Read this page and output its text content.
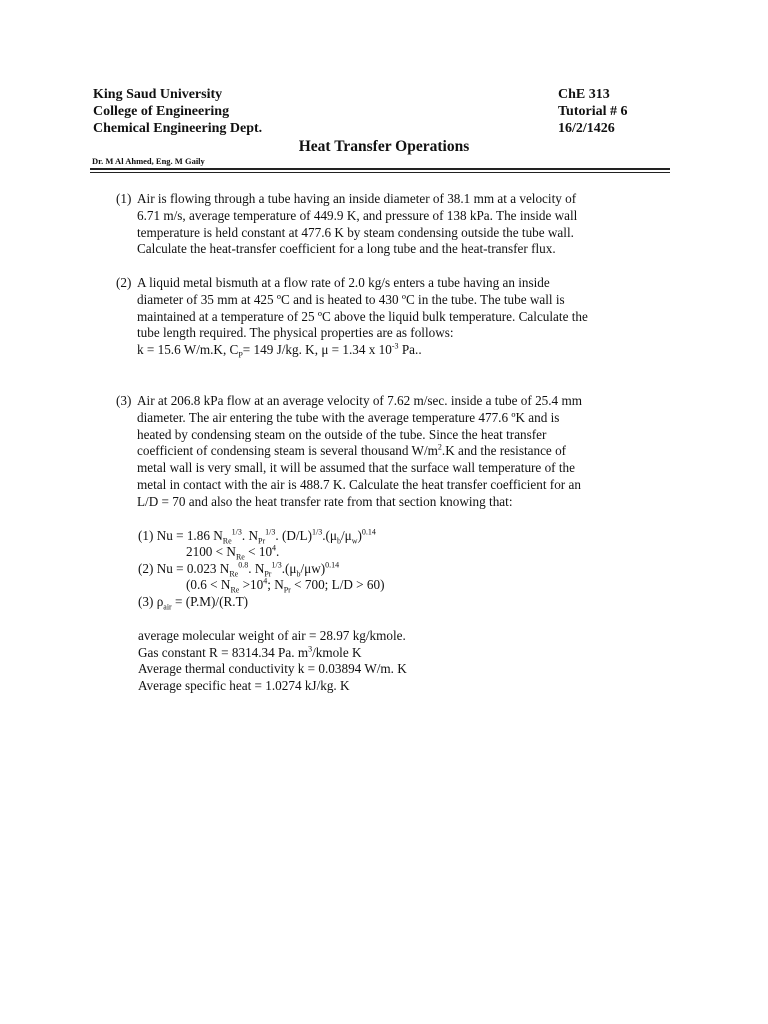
King Saud University
College of Engineering
Chemical Engineering Dept.
ChE 313
Tutorial # 6
16/2/1426
Heat Transfer Operations
Dr. M Al Ahmed, Eng. M Gaily
(1) Air is flowing through a tube having an inside diameter of 38.1 mm at a velocity of
6.71 m/s, average temperature of 449.9 K, and pressure of 138 kPa. The inside wall
temperature is held constant at 477.6 K by steam condensing outside the tube wall.
Calculate the heat-transfer coefficient for a long tube and the heat-transfer flux.
(2) A liquid metal bismuth at a flow rate of 2.0 kg/s enters a tube having an inside
diameter of 35 mm at 425 ºC and is heated to 430 ºC in the tube. The tube wall is
maintained at a temperature of 25 ºC above the liquid bulk temperature. Calculate the
tube length required. The physical properties are as follows:
k = 15.6 W/m.K, $C_P= 149$ J/kg. K, μ = 1.34 x $10^{-3}$ Pa..
(3) Air at 206.8 kPa flow at an average velocity of 7.62 m/sec. inside a tube of 25.4 mm
diameter. The air entering the tube with the average temperature 477.6 ºK and is
heated by condensing steam on the outside of the tube. Since the heat transfer
coefficient of condensing steam is several thousand $W/m^2.K$ and the resistance of
metal wall is very small, it will be assumed that the surface wall temperature of the
metal in contact with the air is 488.7 K. Calculate the heat transfer coefficient for an
L/D = 70 and also the heat transfer rate from that section knowing that:
(1) Nu = 1.86 $N_{Re}^{1/3}$. $N_{Pr}^{1/3}$. $(D/L)^{1/3}.(\mu_b/\mu_w)^{0.14}$
$2100 < N_{Re} < 10^4$.
(2) Nu = 0.023 $N_{Re}^{0.8}$. $N_{Pr}^{1/3}.(\mu_b/\mu w)^{0.14}$
($0.6 < N_{Re} >10^4$; $N_{Pr} < 700$; L/D > 60)
(3) $\rho_{air} = (P.M)/(R.T)$
average molecular weight of air = 28.97 kg/kmole.
Gas constant R = 8314.34 Pa. $m^3$/kmole K
Average thermal conductivity k = 0.03894 W/m. K
Average specific heat = 1.0274 kJ/kg. K
